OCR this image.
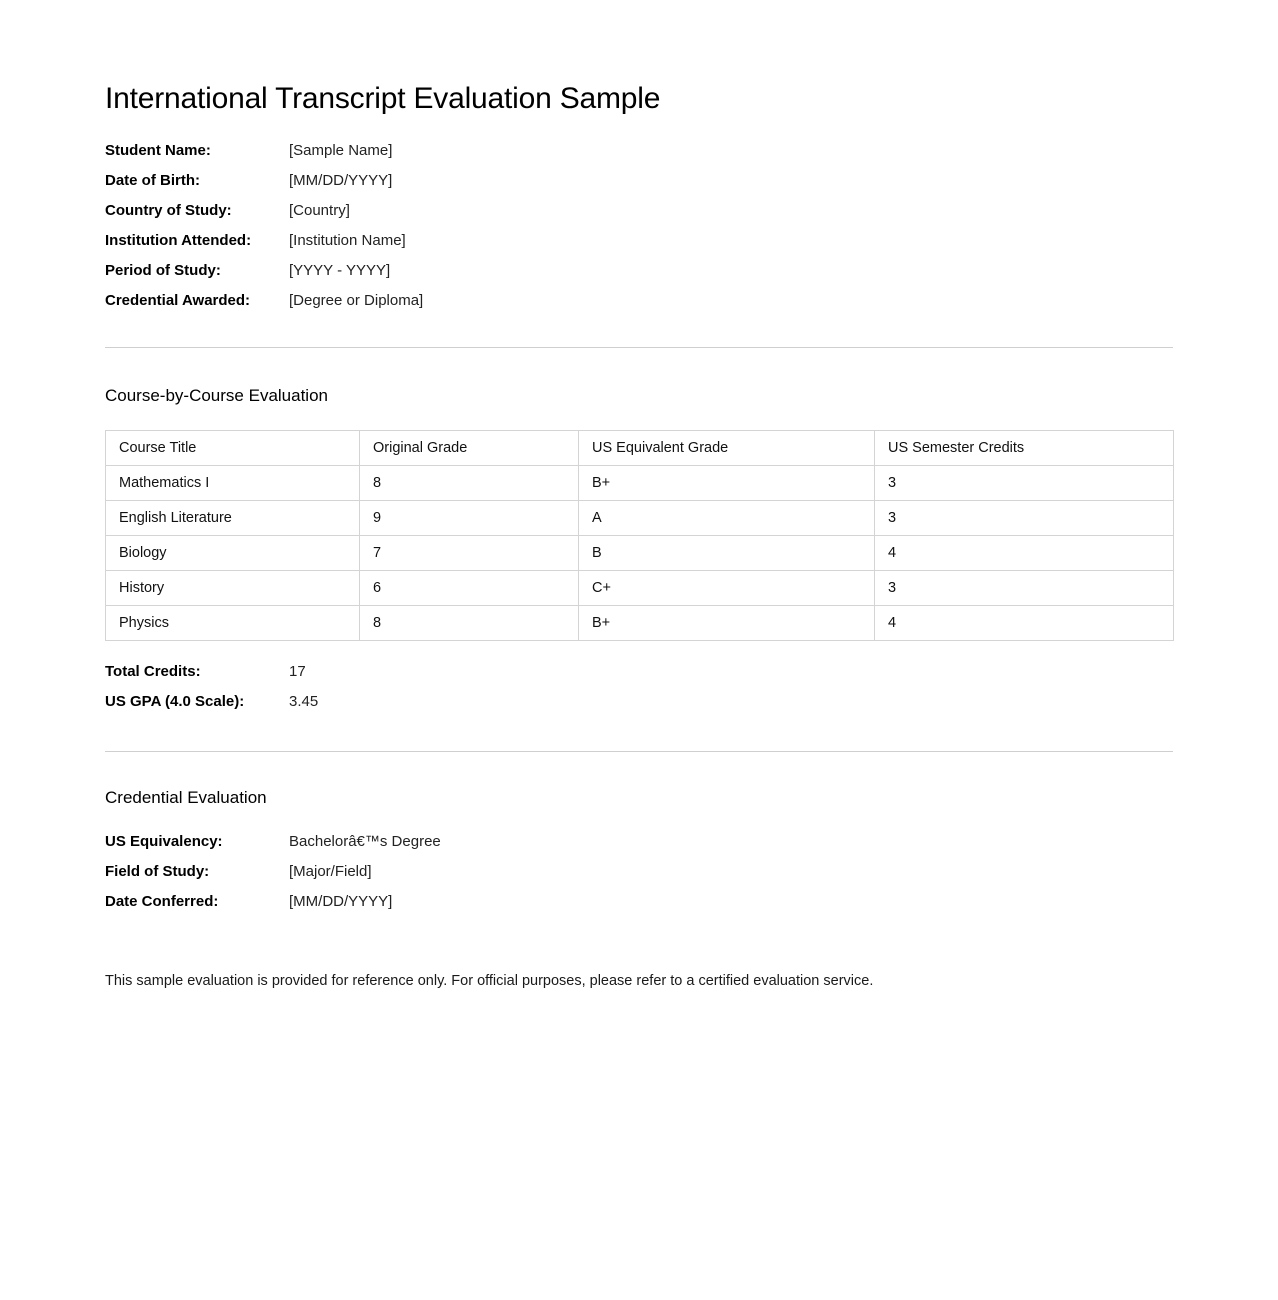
International Transcript Evaluation Sample
Student Name:	[Sample Name]
Date of Birth:	[MM/DD/YYYY]
Country of Study:	[Country]
Institution Attended:	[Institution Name]
Period of Study:	[YYYY - YYYY]
Credential Awarded:	[Degree or Diploma]
Course-by-Course Evaluation
Course Title	Original Grade	US Equivalent Grade	US Semester Credits
Mathematics I	8	B+	3
English Literature	9	A	3
Biology	7	B	4
History	6	C+	3
Physics	8	B+	4
Total Credits:	17
US GPA (4.0 Scale):	3.45
Credential Evaluation
US Equivalency:	Bachelorâ€™s Degree
Field of Study:	[Major/Field]
Date Conferred:	[MM/DD/YYYY]

This sample evaluation is provided for reference only. For official purposes, please refer to a certified evaluation service.
